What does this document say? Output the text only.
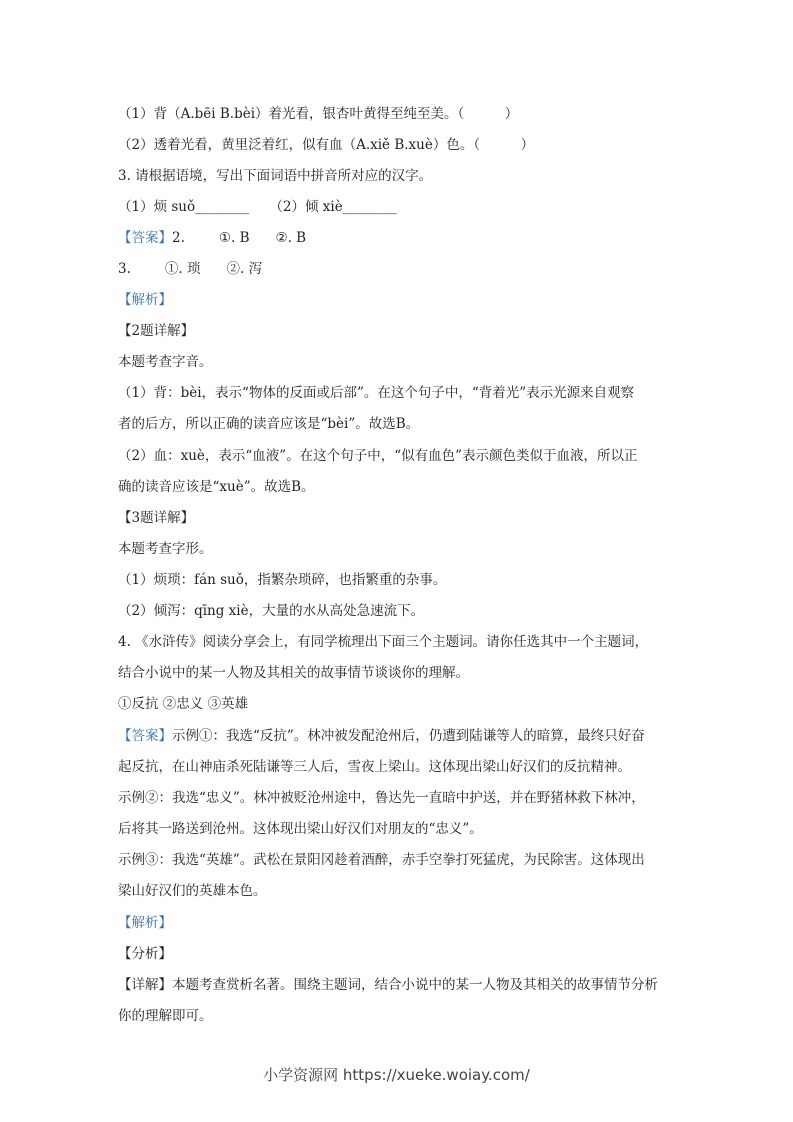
（1）背（A.bēi B.bèi）着光看，银杏叶黄得至纯至美。（　　　）
（2）透着光看，黄里泛着红，似有血（A.xiě B.xuè）色。（　　　）
3. 请根据语境，写出下面词语中拼音所对应的汉字。
（1）烦 suǒ________　　（2）倾 xiè________
【答案】2.	①. B ②. B
3.	①. 琐 ②. 泻
【解析】
【2题详解】
本题考查字音。
（1）背：bèi，表示“物体的反面或后部”。在这个句子中，“背着光”表示光源来自观察
者的后方，所以正确的读音应该是“bèi”。故选B。
（2）血：xuè，表示“血液”。在这个句子中，“似有血色”表示颜色类似于血液，所以正
确的读音应该是“xuè”。故选B。
【3题详解】
本题考查字形。
（1）烦琐：fán suǒ，指繁杂琐碎，也指繁重的杂事。
（2）倾泻：qīng xiè，大量的水从高处急速流下。
4. 《水浒传》阅读分享会上，有同学梳理出下面三个主题词。请你任选其中一个主题词，
结合小说中的某一人物及其相关的故事情节谈谈你的理解。
①反抗 ②忠义 ③英雄
【答案】示例①：我选“反抗”。林冲被发配沧州后，仍遭到陆谦等人的暗算，最终只好奋
起反抗，在山神庙杀死陆谦等三人后，雪夜上梁山。这体现出梁山好汉们的反抗精神。
示例②：我选“忠义”。林冲被贬沧州途中，鲁达先一直暗中护送，并在野猪林救下林冲，
后将其一路送到沧州。这体现出梁山好汉们对朋友的“忠义”。
示例③：我选“英雄”。武松在景阳冈趁着酒醉，赤手空拳打死猛虎，为民除害。这体现出
梁山好汉们的英雄本色。
【解析】
【分析】
【详解】本题考查赏析名著。围绕主题词，结合小说中的某一人物及其相关的故事情节分析
你的理解即可。
小学资源网 https://xueke.woiay.com/
